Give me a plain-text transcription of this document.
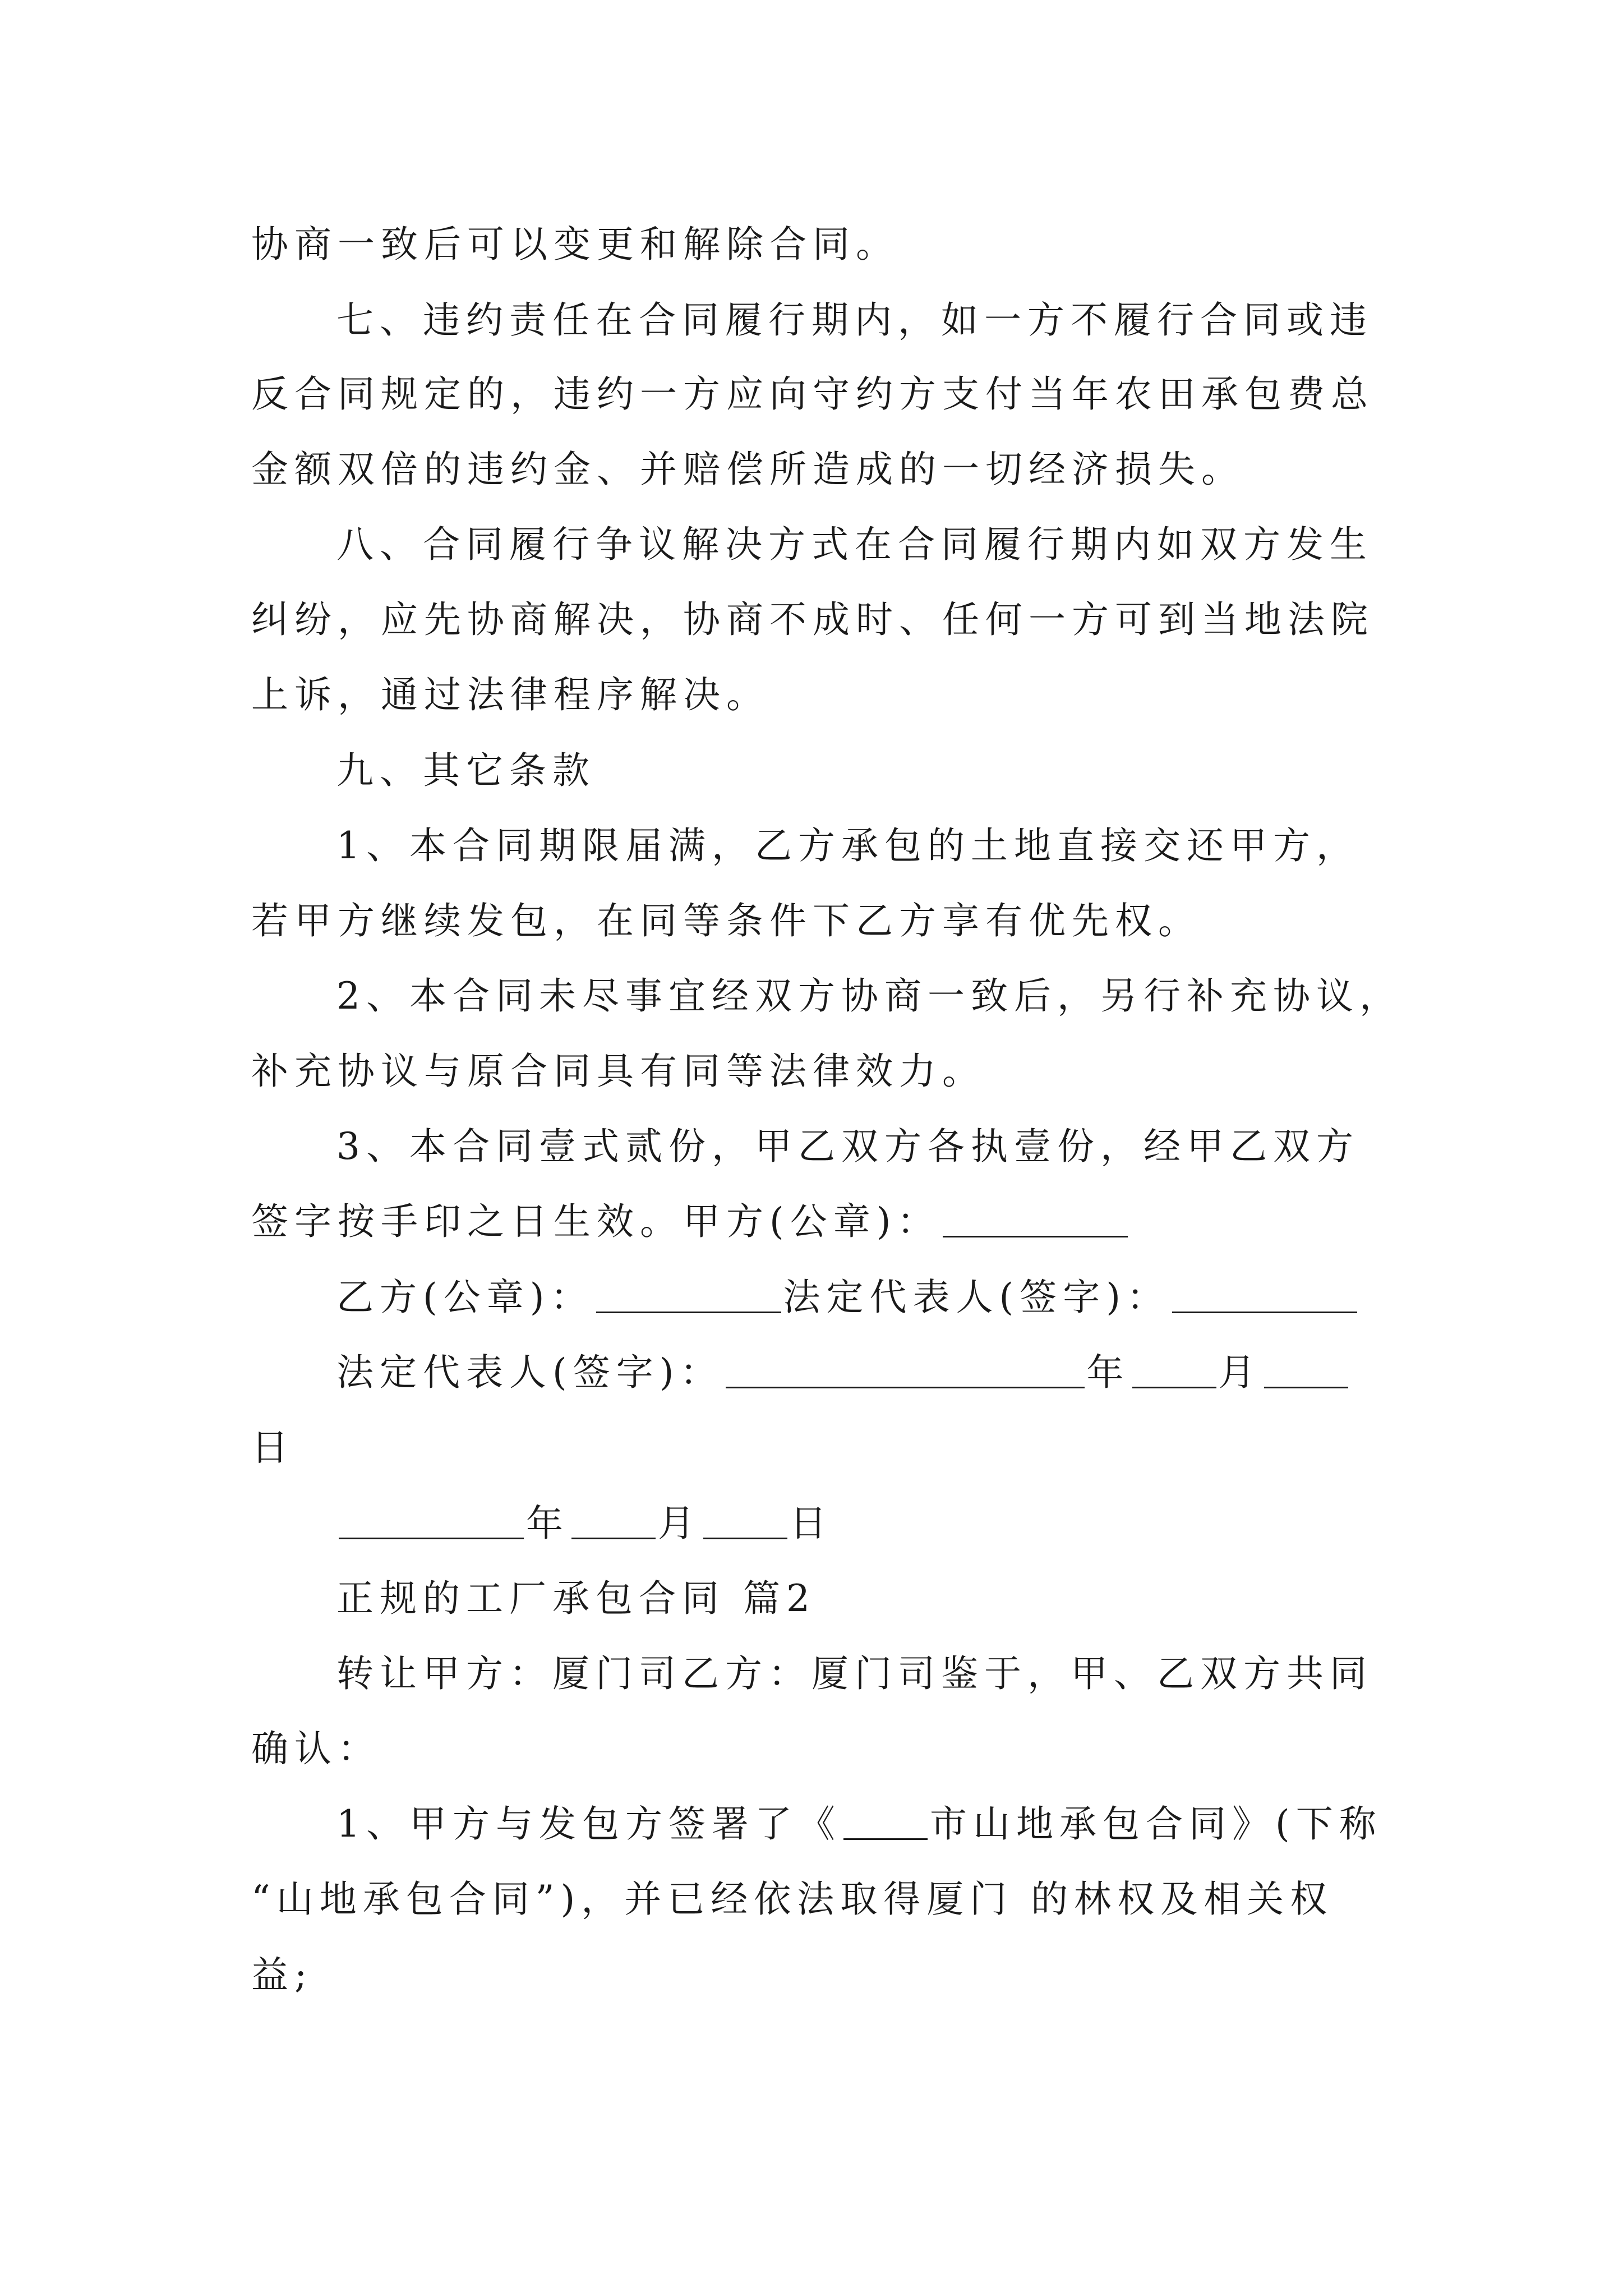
协商一致后可以变更和解除合同。
七、违约责任在合同履行期内，如一方不履行合同或违
反合同规定的，违约一方应向守约方支付当年农田承包费总
金额双倍的违约金、并赔偿所造成的一切经济损失。
八、合同履行争议解决方式在合同履行期内如双方发生
纠纷，应先协商解决，协商不成时、任何一方可到当地法院
上诉，通过法律程序解决。
九、其它条款
1、本合同期限届满，乙方承包的土地直接交还甲方，
若甲方继续发包，在同等条件下乙方享有优先权。
2、本合同未尽事宜经双方协商一致后，另行补充协议，
补充协议与原合同具有同等法律效力。
3、本合同壹式贰份，甲乙双方各执壹份，经甲乙双方
签字按手印之日生效。甲方(公章)：
乙方(公章)：	法定代表人(签字)：
法定代表人(签字)：	年 月
日
年 月 日
正规的工厂承包合同 篇2
转让甲方：厦门司乙方：厦门司鉴于，甲、乙双方共同
确认：
1、甲方与发包方签署了《 市山地承包合同》(下称
“山地承包合同”)，并已经依法取得厦门 的林权及相关权
益;
